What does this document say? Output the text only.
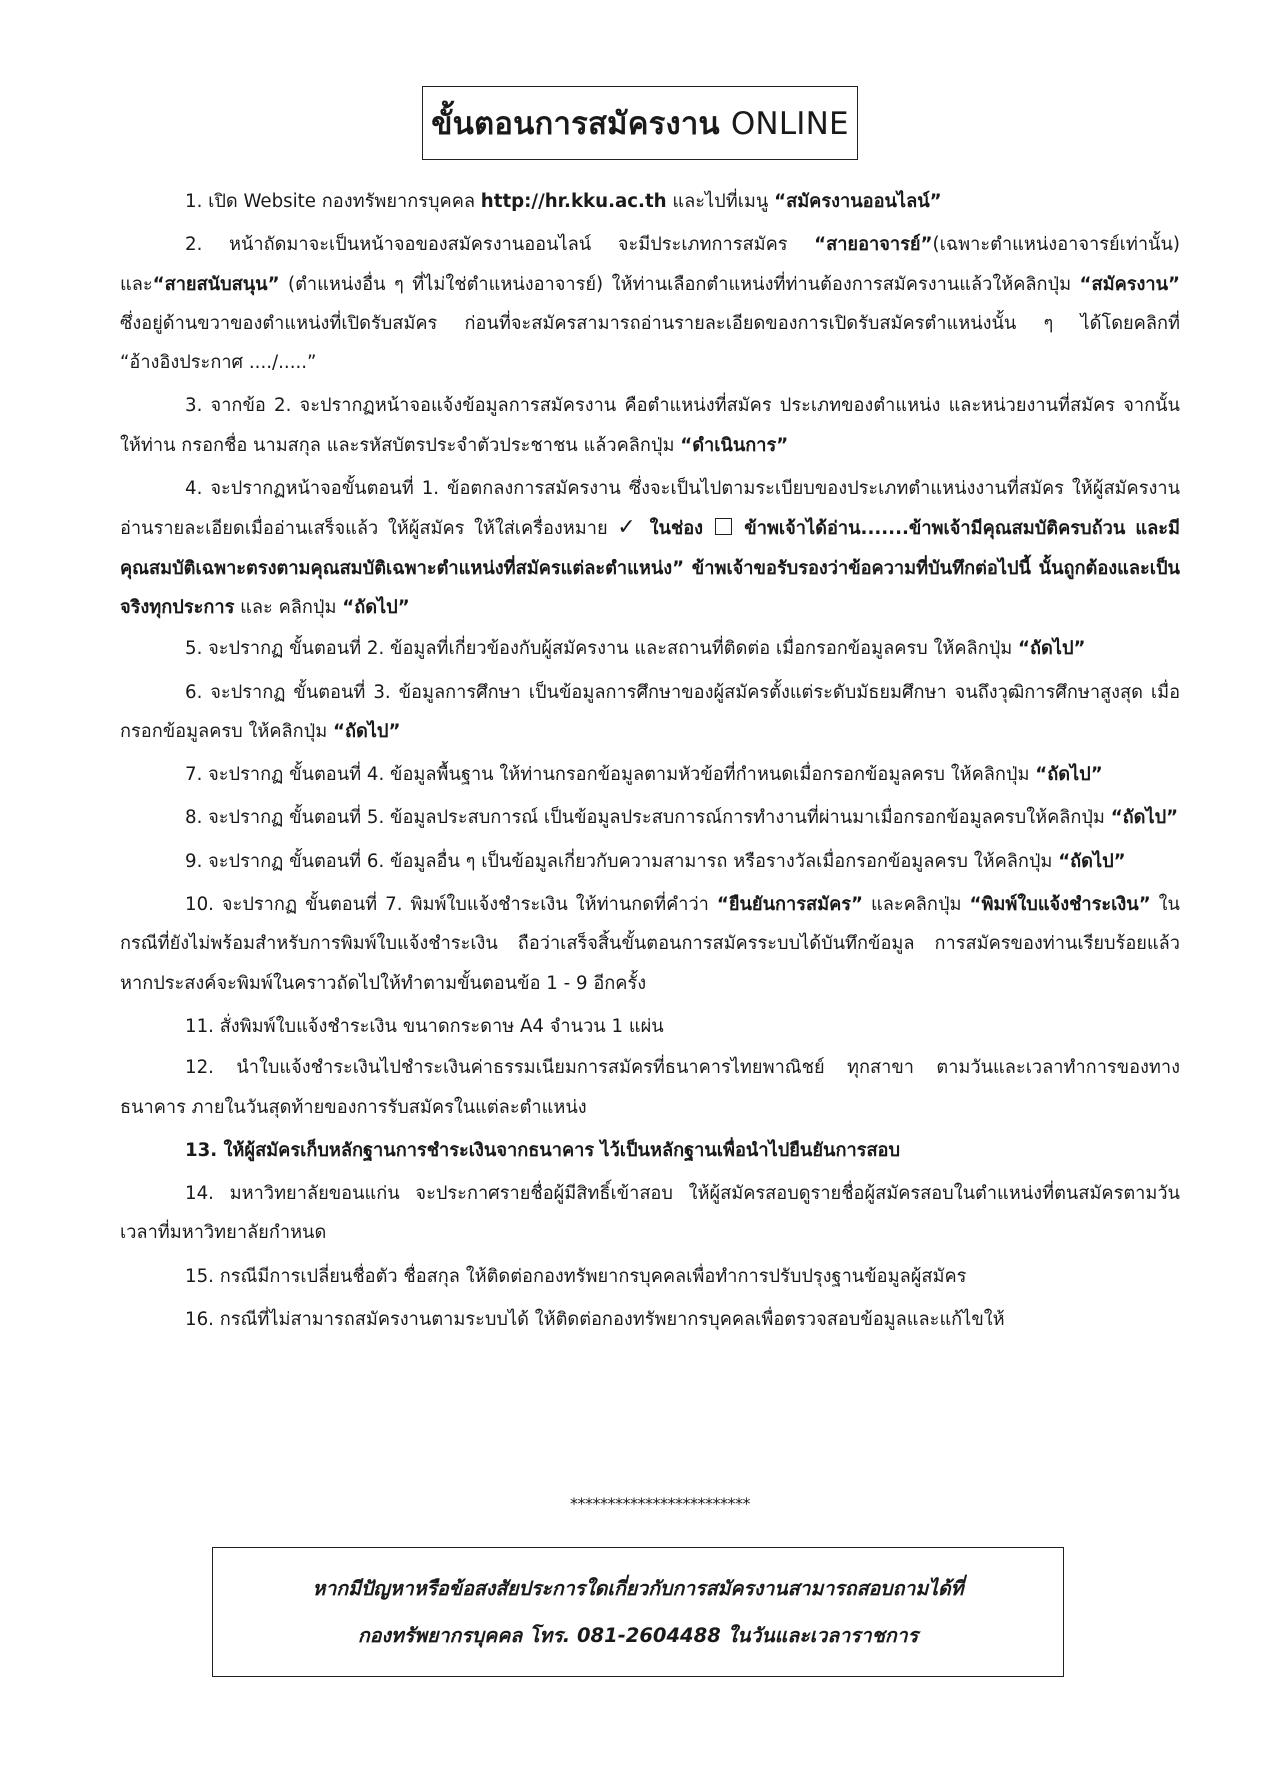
ขั้นตอนการสมัครงาน ONLINE

1. เปิด Website กองทรัพยากรบุคคล http://hr.kku.ac.th และไปที่เมนู “สมัครงานออนไลน์”

2. หน้าถัดมาจะเป็นหน้าจอของสมัครงานออนไลน์ จะมีประเภทการสมัคร “สายอาจารย์”(เฉพาะตำแหน่งอาจารย์เท่านั้น) และ“สายสนับสนุน” (ตำแหน่งอื่น ๆ ที่ไม่ใช่ตำแหน่งอาจารย์) ให้ท่านเลือกตำแหน่งที่ท่านต้องการสมัครงานแล้วให้คลิกปุ่ม “สมัครงาน” ซึ่งอยู่ด้านขวาของตำแหน่งที่เปิดรับสมัคร ก่อนที่จะสมัครสามารถอ่านรายละเอียดของการเปิดรับสมัครตำแหน่งนั้น ๆ ได้โดยคลิกที่ “อ้างอิงประกาศ ..../.....”

3. จากข้อ 2. จะปรากฏหน้าจอแจ้งข้อมูลการสมัครงาน คือตำแหน่งที่สมัคร ประเภทของตำแหน่ง และหน่วยงานที่สมัคร จากนั้นให้ท่าน กรอกชื่อ นามสกุล และรหัสบัตรประจำตัวประชาชน แล้วคลิกปุ่ม “ดำเนินการ”

4. จะปรากฏหน้าจอขั้นตอนที่ 1. ข้อตกลงการสมัครงาน ซึ่งจะเป็นไปตามระเบียบของประเภทตำแหน่งงานที่สมัคร ให้ผู้สมัครงานอ่านรายละเอียดเมื่ออ่านเสร็จแล้ว ให้ผู้สมัคร ให้ใส่เครื่องหมาย ✓ ในช่อง  ข้าพเจ้าได้อ่าน.......ข้าพเจ้ามีคุณสมบัติครบถ้วน และมีคุณสมบัติเฉพาะตรงตามคุณสมบัติเฉพาะตำแหน่งที่สมัครแต่ละตำแหน่ง” ข้าพเจ้าขอรับรองว่าข้อความที่บันทึกต่อไปนี้ นั้นถูกต้องและเป็นจริงทุกประการ และ คลิกปุ่ม “ถัดไป”

5. จะปรากฏ ขั้นตอนที่ 2. ข้อมูลที่เกี่ยวข้องกับผู้สมัครงาน และสถานที่ติดต่อ เมื่อกรอกข้อมูลครบ ให้คลิกปุ่ม “ถัดไป”

6. จะปรากฏ ขั้นตอนที่ 3. ข้อมูลการศึกษา เป็นข้อมูลการศึกษาของผู้สมัครตั้งแต่ระดับมัธยมศึกษา จนถึงวุฒิการศึกษาสูงสุด เมื่อกรอกข้อมูลครบ ให้คลิกปุ่ม “ถัดไป”

7. จะปรากฏ ขั้นตอนที่ 4. ข้อมูลพื้นฐาน ให้ท่านกรอกข้อมูลตามหัวข้อที่กำหนดเมื่อกรอกข้อมูลครบ ให้คลิกปุ่ม “ถัดไป”

8. จะปรากฏ ขั้นตอนที่ 5. ข้อมูลประสบการณ์ เป็นข้อมูลประสบการณ์การทำงานที่ผ่านมาเมื่อกรอกข้อมูลครบให้คลิกปุ่ม “ถัดไป”

9. จะปรากฏ ขั้นตอนที่ 6. ข้อมูลอื่น ๆ เป็นข้อมูลเกี่ยวกับความสามารถ หรือรางวัลเมื่อกรอกข้อมูลครบ ให้คลิกปุ่ม “ถัดไป”

10. จะปรากฏ ขั้นตอนที่ 7. พิมพ์ใบแจ้งชำระเงิน ให้ท่านกดที่คำว่า “ยืนยันการสมัคร” และคลิกปุ่ม “พิมพ์ใบแจ้งชำระเงิน” ในกรณีที่ยังไม่พร้อมสำหรับการพิมพ์ใบแจ้งชำระเงิน ถือว่าเสร็จสิ้นขั้นตอนการสมัครระบบได้บันทึกข้อมูล การสมัครของท่านเรียบร้อยแล้ว หากประสงค์จะพิมพ์ในคราวถัดไปให้ทำตามขั้นตอนข้อ 1 - 9 อีกครั้ง

11. สั่งพิมพ์ใบแจ้งชำระเงิน ขนาดกระดาษ A4 จำนวน 1 แผ่น

12. นำใบแจ้งชำระเงินไปชำระเงินค่าธรรมเนียมการสมัครที่ธนาคารไทยพาณิชย์ ทุกสาขา ตามวันและเวลาทำการของทางธนาคาร ภายในวันสุดท้ายของการรับสมัครในแต่ละตำแหน่ง

13. ให้ผู้สมัครเก็บหลักฐานการชำระเงินจากธนาคาร ไว้เป็นหลักฐานเพื่อนำไปยืนยันการสอบ

14. มหาวิทยาลัยขอนแก่น จะประกาศรายชื่อผู้มีสิทธิ์เข้าสอบ ให้ผู้สมัครสอบดูรายชื่อผู้สมัครสอบในตำแหน่งที่ตนสมัครตามวันเวลาที่มหาวิทยาลัยกำหนด

15. กรณีมีการเปลี่ยนชื่อตัว ชื่อสกุล ให้ติดต่อกองทรัพยากรบุคคลเพื่อทำการปรับปรุงฐานข้อมูลผู้สมัคร

16. กรณีที่ไม่สามารถสมัครงานตามระบบได้ ให้ติดต่อกองทรัพยากรบุคคลเพื่อตรวจสอบข้อมูลและแก้ไขให้

************************
หากมีปัญหาหรือข้อสงสัยประการใดเกี่ยวกับการสมัครงานสามารถสอบถามได้ที่
กองทรัพยากรบุคคล โทร. 081-2604488 ในวันและเวลาราชการ
